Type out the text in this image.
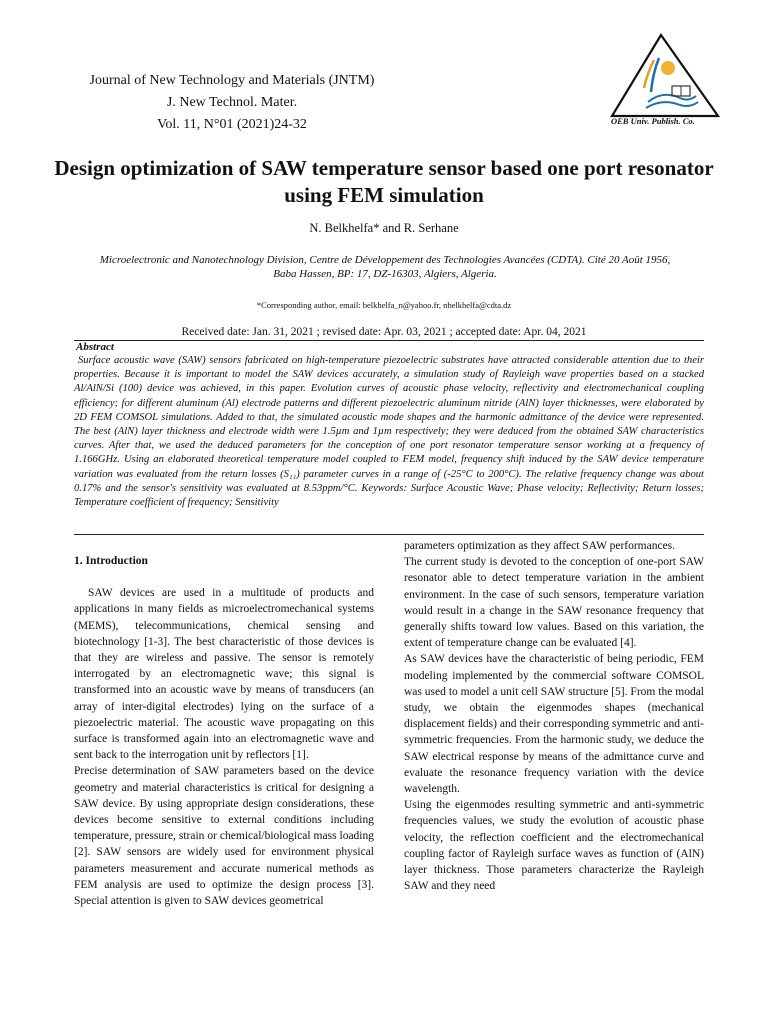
Journal of New Technology and Materials (JNTM)
J. New Technol. Mater.
Vol. 11, N°01 (2021)24-32	OEB Univ. Publish. Co.
Design optimization of SAW temperature sensor based one port resonator using FEM simulation
N. Belkhelfa* and R. Serhane
Microelectronic and Nanotechnology Division, Centre de Développement des Technologies Avancées (CDTA). Cité 20 Août 1956, Baba Hassen, BP: 17, DZ-16303, Algiers, Algeria.
*Corresponding author, email: belkhelfa_n@yahoo.fr, nbelkhelfa@cdta.dz
Received date: Jan. 31, 2021 ; revised date: Apr. 03, 2021 ; accepted date: Apr. 04, 2021
Abstract
Surface acoustic wave (SAW) sensors fabricated on high-temperature piezoelectric substrates have attracted considerable attention due to their properties. Because it is important to model the SAW devices accurately, a simulation study of Rayleigh wave properties based on a stacked Al/AlN/Si (100) device was achieved, in this paper. Evolution curves of acoustic phase velocity, reflectivity and electromechanical coupling efficiency; for different aluminum (Al) electrode patterns and different piezoelectric aluminum nitride (AlN) layer thicknesses, were elaborated by 2D FEM COMSOL simulations. Added to that, the simulated acoustic mode shapes and the harmonic admittance of the device were represented. The best (AlN) layer thickness and electrode width were 1.5µm and 1µm respectively; they were deduced from the obtained SAW characteristics curves. After that, we used the deduced parameters for the conception of one port resonator temperature sensor working at a frequency of 1.166GHz. Using an elaborated theoretical temperature model coupled to FEM model, frequency shift induced by the SAW device temperature variation was evaluated from the return losses (S₁₁) parameter curves in a range of (-25°C to 200°C). The relative frequency change was about 0.17% and the sensor's sensitivity was evaluated at 8.53ppm/°C. Keywords: Surface Acoustic Wave; Phase velocity; Reflectivity; Return losses; Temperature coefficient of frequency; Sensitivity

1. Introduction

SAW devices are used in a multitude of products and applications in many fields as microelectromechanical systems (MEMS), telecommunications, chemical sensing and biotechnology [1-3]. The best characteristic of those devices is that they are wireless and passive. The sensor is remotely interrogated by an electromagnetic wave; this signal is transformed into an acoustic wave by means of transducers (an array of inter-digital electrodes) lying on the surface of a piezoelectric material. The acoustic wave propagating on this surface is transformed again into an electromagnetic wave and sent back to the interrogation unit by reflectors [1].

Precise determination of SAW parameters based on the device geometry and material characteristics is critical for designing a SAW device. By using appropriate design considerations, these devices become sensitive to external conditions including temperature, pressure, strain or chemical/biological mass loading [2]. SAW sensors are widely used for environment physical parameters measurement and accurate numerical methods as FEM analysis are used to optimize the design process [3]. Special attention is given to SAW devices geometrical

parameters optimization as they affect SAW performances.

The current study is devoted to the conception of one-port SAW resonator able to detect temperature variation in the ambient environment. In the case of such sensors, temperature variation would result in a change in the SAW resonance frequency that generally shifts toward low values. Based on this variation, the extent of temperature change can be evaluated [4].

As SAW devices have the characteristic of being periodic, FEM modeling implemented by the commercial software COMSOL was used to model a unit cell SAW structure [5]. From the modal study, we obtain the eigenmodes shapes (mechanical displacement fields) and their corresponding symmetric and anti-symmetric frequencies. From the harmonic study, we deduce the SAW electrical response by means of the admittance curve and evaluate the resonance frequency variation with the device wavelength.

Using the eigenmodes resulting symmetric and anti-symmetric frequencies values, we study the evolution of acoustic phase velocity, the reflection coefficient and the electromechanical coupling factor of Rayleigh surface waves as function of (AlN) layer thickness. Those parameters characterize the Rayleigh SAW and they need
